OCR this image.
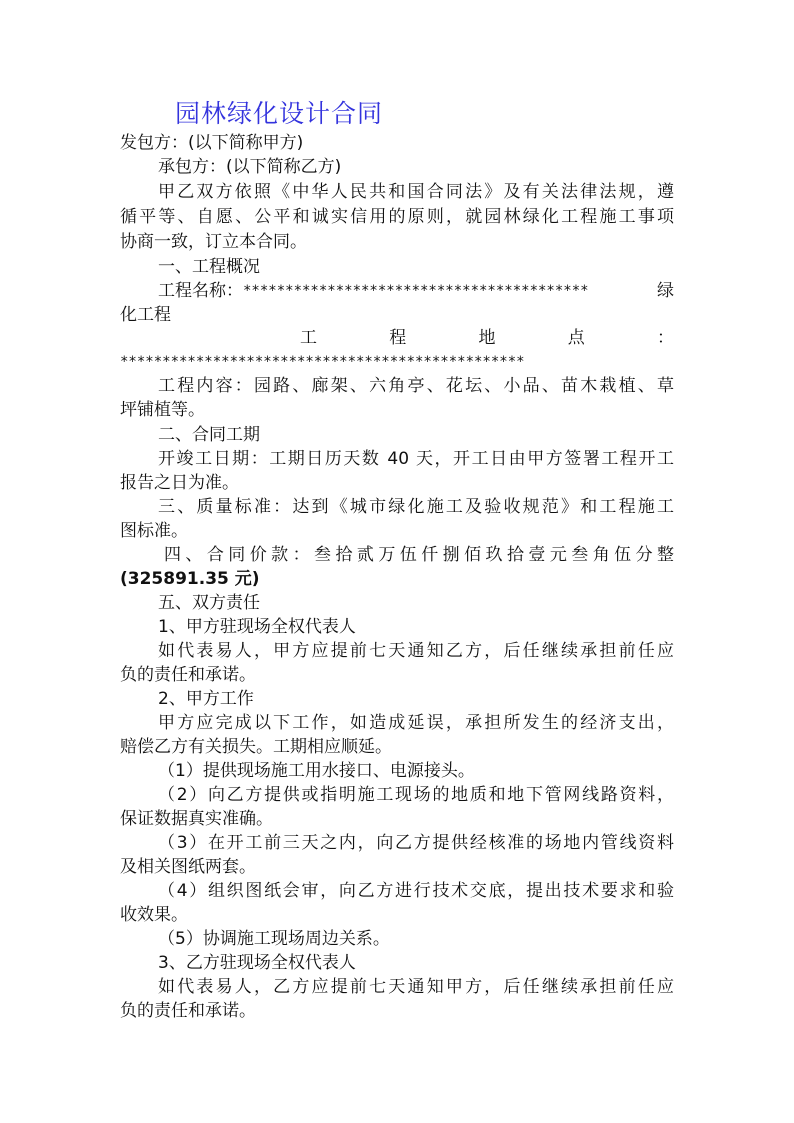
园林绿化设计合同
发包方：(以下简称甲方)
承包方：(以下简称乙方)
甲乙双方依照《中华人民共和国合同法》及有关法律法规，遵
循平等、自愿、公平和诚实信用的原则，就园林绿化工程施工事项
协商一致，订立本合同。
一、工程概况
工程名称： *****************************************	绿
化工程
工	程	地	点	：
************************************************
工程内容：园路、廊架、六角亭、花坛、小品、苗木栽植、草
坪铺植等。
二、合同工期
开竣工日期：工期日历天数 40 天，开工日由甲方签署工程开工
报告之日为准。
三、质量标准：达到《城市绿化施工及验收规范》和工程施工
图标准。
四、合同价款：叁拾贰万伍仟捌佰玖拾壹元叁角伍分整
(325891.35 元)
五、双方责任
1、甲方驻现场全权代表人
如代表易人，甲方应提前七天通知乙方，后任继续承担前任应
负的责任和承诺。
2、甲方工作
甲方应完成以下工作，如造成延误，承担所发生的经济支出，
赔偿乙方有关损失。工期相应顺延。
（1）提供现场施工用水接口、电源接头。
（2）向乙方提供或指明施工现场的地质和地下管网线路资料，
保证数据真实准确。
（3）在开工前三天之内，向乙方提供经核准的场地内管线资料
及相关图纸两套。
（4）组织图纸会审，向乙方进行技术交底，提出技术要求和验
收效果。
（5）协调施工现场周边关系。
3、乙方驻现场全权代表人
如代表易人，乙方应提前七天通知甲方，后任继续承担前任应
负的责任和承诺。
